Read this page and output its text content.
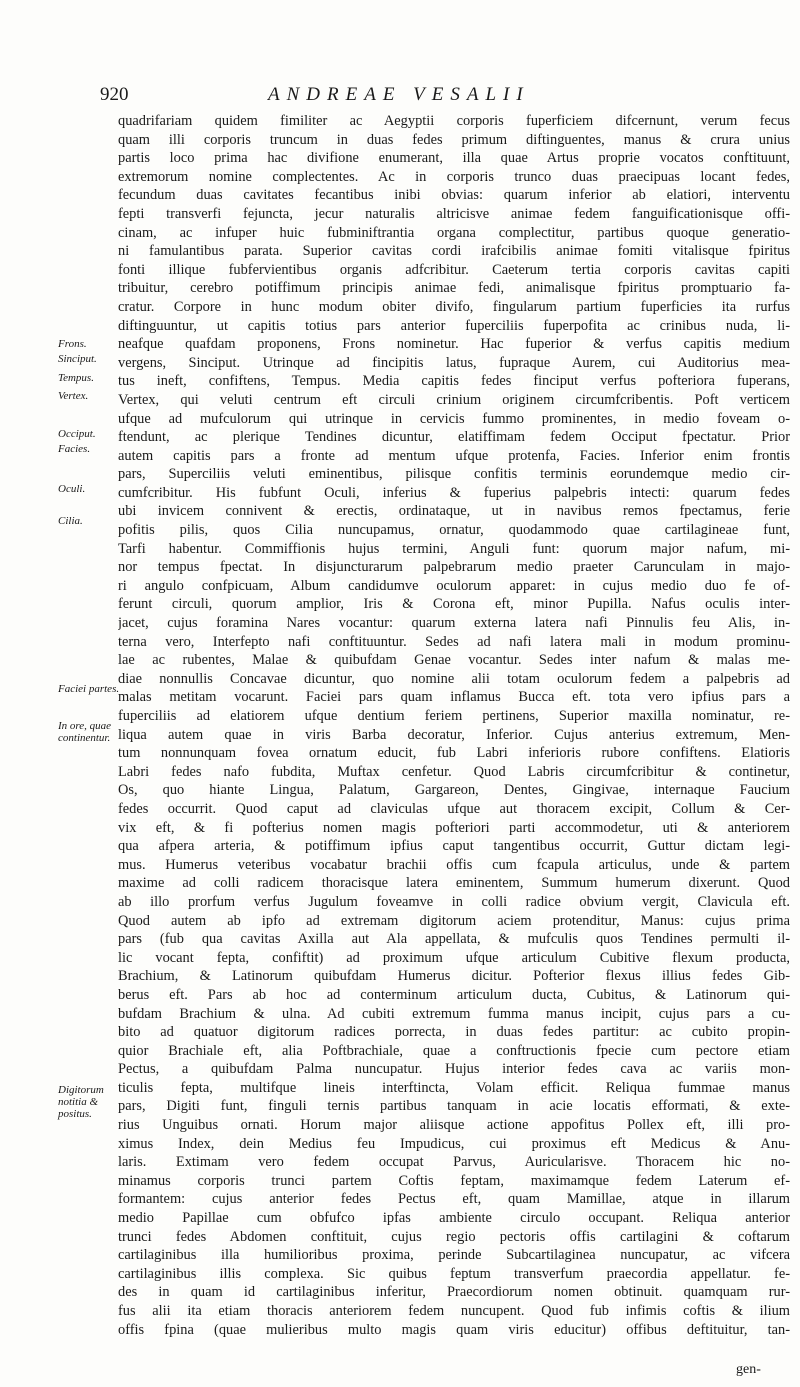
920	ANDREAE VESALII
quadrifariam quidem fimiliter ac Aegyptii corporis fuperficiem difcernunt, verum fecus
quam illi corporis truncum in duas fedes primum diftinguentes, manus & crura unius
partis loco prima hac divifione enumerant, illa quae Artus proprie vocatos conftituunt,
extremorum nomine complectentes. Ac in corporis trunco duas praecipuas locant fedes,
fecundum duas cavitates fecantibus inibi obvias: quarum inferior ab elatiori, interventu
fepti transverfi fejuncta, jecur naturalis altricisve animae fedem fanguificationisque offi-
cinam, ac infuper huic fubminiftrantia organa complectitur, partibus quoque generatio-
ni famulantibus parata. Superior cavitas cordi irafcibilis animae fomiti vitalisque fpiritus
fonti illique fubfervientibus organis adfcribitur. Caeterum tertia corporis cavitas capiti
tribuitur, cerebro potiffimum principis animae fedi, animalisque fpiritus promptuario fa-
cratur. Corpore in hunc modum obiter divifo, fingularum partium fuperficies ita rurfus
diftinguuntur, ut capitis totius pars anterior fuperciliis fuperpofita ac crinibus nuda, li-
neafque quafdam proponens, Frons nominetur. Hac fuperior & verfus capitis medium
vergens, Sinciput. Utrinque ad fincipitis latus, fupraque Aurem, cui Auditorius mea-
tus ineft, confiftens, Tempus. Media capitis fedes finciput verfus pofteriora fuperans,
Vertex, qui veluti centrum eft circuli crinium originem circumfcribentis. Poft verticem
ufque ad mufculorum qui utrinque in cervicis fummo prominentes, in medio foveam o-
ftendunt, ac plerique Tendines dicuntur, elatiffimam fedem Occiput fpectatur. Prior
autem capitis pars a fronte ad mentum ufque protenfa, Facies. Inferior enim frontis
pars, Superciliis veluti eminentibus, pilisque confitis terminis eorundemque medio cir-
cumfcribitur. His fubfunt Oculi, inferius & fuperius palpebris intecti: quarum fedes
ubi invicem connivent & erectis, ordinataque, ut in navibus remos fpectamus, ferie
pofitis pilis, quos Cilia nuncupamus, ornatur, quodammodo quae cartilagineae funt,
Tarfi habentur. Commiffionis hujus termini, Anguli funt: quorum major nafum, mi-
nor tempus fpectat. In disjuncturarum palpebrarum medio praeter Carunculam in majo-
ri angulo confpicuam, Album candidumve oculorum apparet: in cujus medio duo fe of-
ferunt circuli, quorum amplior, Iris & Corona eft, minor Pupilla. Nafus oculis inter-
jacet, cujus foramina Nares vocantur: quarum externa latera nafi Pinnulis feu Alis, in-
terna vero, Interfepto nafi conftituuntur. Sedes ad nafi latera mali in modum prominu-
lae ac rubentes, Malae & quibufdam Genae vocantur. Sedes inter nafum & malas me-
diae nonnullis Concavae dicuntur, quo nomine alii totam oculorum fedem a palpebris ad
malas metitam vocarunt. Faciei pars quam inflamus Bucca eft. tota vero ipfius pars a
fuperciliis ad elatiorem ufque dentium feriem pertinens, Superior maxilla nominatur, re-
liqua autem quae in viris Barba decoratur, Inferior. Cujus anterius extremum, Men-
tum nonnunquam fovea ornatum educit, fub Labri inferioris rubore confiftens. Elatioris
Labri fedes nafo fubdita, Muftax cenfetur. Quod Labris circumfcribitur & continetur,
Os, quo hiante Lingua, Palatum, Gargareon, Dentes, Gingivae, internaque Faucium
fedes occurrit. Quod caput ad claviculas ufque aut thoracem excipit, Collum & Cer-
vix eft, & fi pofterius nomen magis pofteriori parti accommodetur, uti & anteriorem
qua afpera arteria, & potiffimum ipfius caput tangentibus occurrit, Guttur dictam legi-
mus. Humerus veteribus vocabatur brachii offis cum fcapula articulus, unde & partem
maxime ad colli radicem thoracisque latera eminentem, Summum humerum dixerunt. Quod
ab illo prorfum verfus Jugulum foveamve in colli radice obvium vergit, Clavicula eft.
Quod autem ab ipfo ad extremam digitorum aciem protenditur, Manus: cujus prima
pars (fub qua cavitas Axilla aut Ala appellata, & mufculis quos Tendines permulti il-
lic vocant fepta, confiftit) ad proximum ufque articulum Cubitive flexum producta,
Brachium, & Latinorum quibufdam Humerus dicitur. Pofterior flexus illius fedes Gib-
berus eft. Pars ab hoc ad conterminum articulum ducta, Cubitus, & Latinorum qui-
bufdam Brachium & ulna. Ad cubiti extremum fumma manus incipit, cujus pars a cu-
bito ad quatuor digitorum radices porrecta, in duas fedes partitur: ac cubito propin-
quior Brachiale eft, alia Poftbrachiale, quae a conftructionis fpecie cum pectore etiam
Pectus, a quibufdam Palma nuncupatur. Hujus interior fedes cava ac variis mon-
ticulis fepta, multifque lineis interftincta, Volam efficit. Reliqua fummae manus
pars, Digiti funt, finguli ternis partibus tanquam in acie locatis efformati, & exte-
rius Unguibus ornati. Horum major aliisque actione appofitus Pollex eft, illi pro-
ximus Index, dein Medius feu Impudicus, cui proximus eft Medicus & Anu-
laris. Extimam vero fedem occupat Parvus, Auricularisve. Thoracem hic no-
minamus corporis trunci partem Coftis feptam, maximamque fedem Laterum ef-
formantem: cujus anterior fedes Pectus eft, quam Mamillae, atque in illarum
medio Papillae cum obfufco ipfas ambiente circulo occupant. Reliqua anterior
trunci fedes Abdomen conftituit, cujus regio pectoris offis cartilagini & coftarum
cartilaginibus illa humilioribus proxima, perinde Subcartilaginea nuncupatur, ac vifcera
cartilaginibus illis complexa. Sic quibus feptum transverfum praecordia appellatur. fe-
des in quam id cartilaginibus inferitur, Praecordiorum nomen obtinuit. quamquam rur-
fus alii ita etiam thoracis anteriorem fedem nuncupent. Quod fub infimis coftis & ilium
offis fpina (quae mulieribus multo magis quam viris educitur) offibus deftituitur, tan-
Frons.
Sinciput.
Tempus.
Vertex.
Occiput.
Facies.
Oculi.
Cilia.
Faciei partes.
In ore, quae continentur.
Digitorum notitia & positus.
gen-
